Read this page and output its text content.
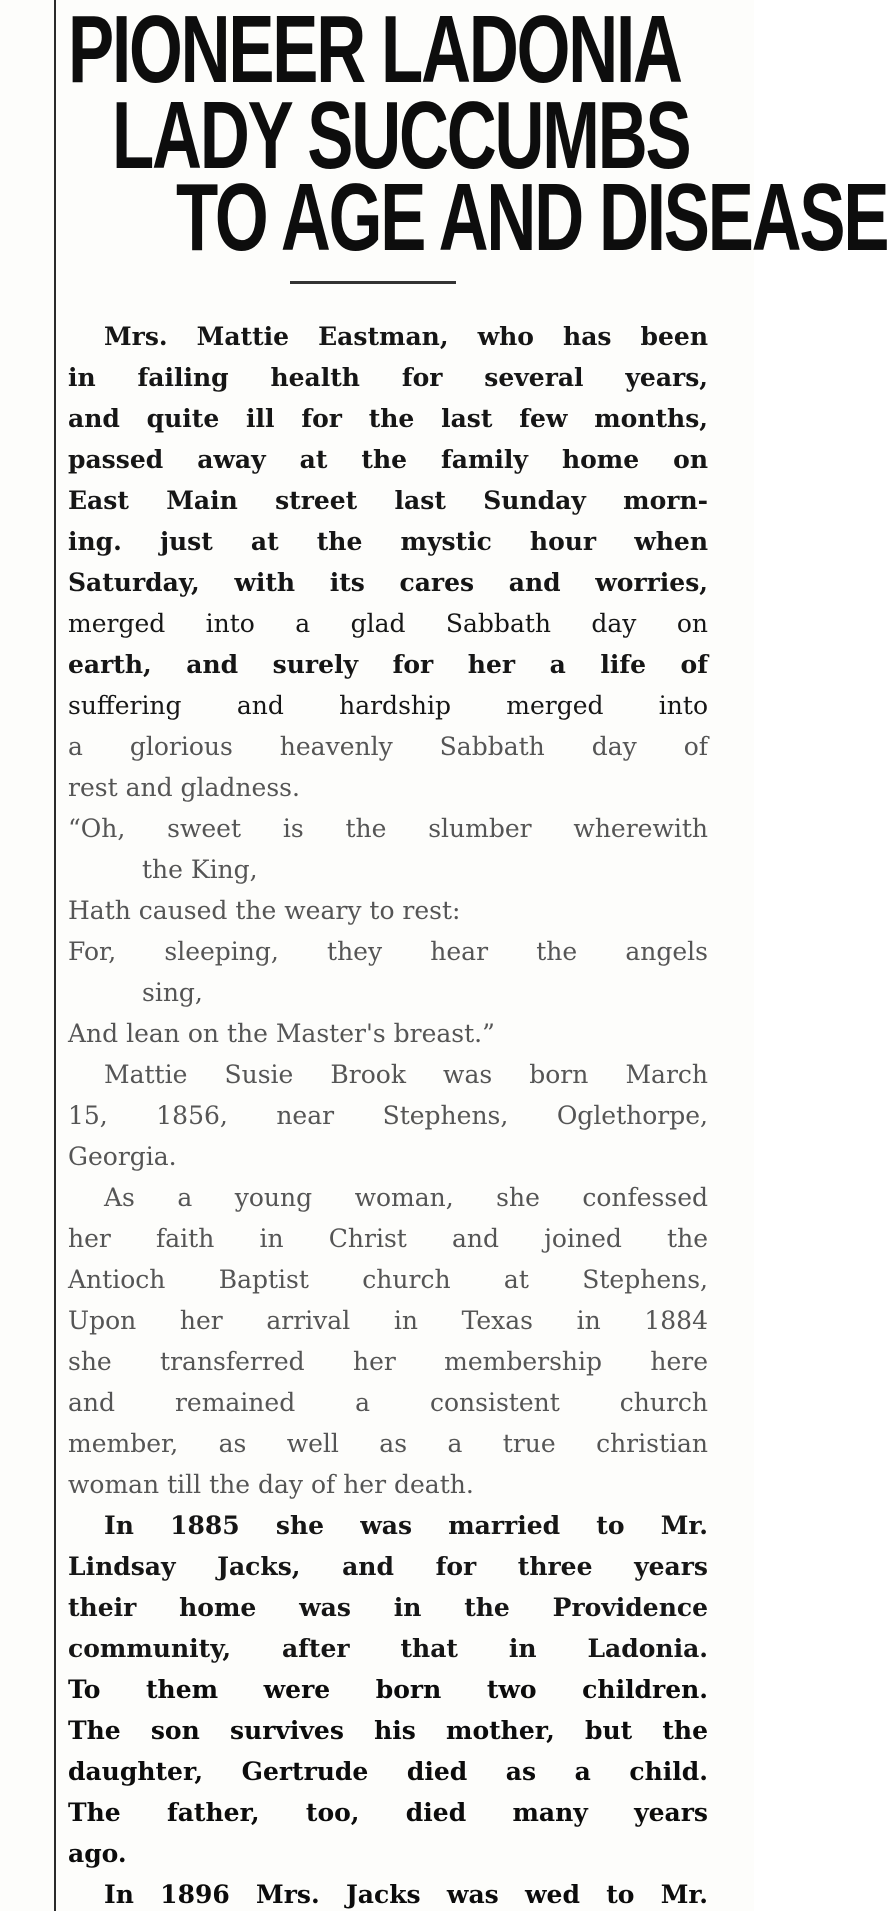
PIONEER LADONIA
LADY SUCCUMBS
TO AGE AND DISEASE
Mrs. Mattie Eastman, who has been
in failing health for several years,
and quite ill for the last few months,
passed away at the family home on
East Main street last Sunday morn-
ing. just at the mystic hour when
Saturday, with its cares and worries,
merged into a glad Sabbath day on
earth, and surely for her a life of
suffering and hardship merged into
a glorious heavenly Sabbath day of
rest and gladness.
“Oh, sweet is the slumber wherewith
the King,
Hath caused the weary to rest:
For, sleeping, they hear the angels
sing,
And lean on the Master's breast.”
Mattie Susie Brook was born March
15, 1856, near Stephens, Oglethorpe,
Georgia.
As a young woman, she confessed
her faith in Christ and joined the
Antioch Baptist church at Stephens,
Upon her arrival in Texas in 1884
she transferred her membership here
and remained a consistent church
member, as well as a true christian
woman till the day of her death.
In 1885 she was married to Mr.
Lindsay Jacks, and for three years
their home was in the Providence
community, after that in Ladonia.
To them were born two children.
The son survives his mother, but the
daughter, Gertrude died as a child.
The father, too, died many years
ago.
In 1896 Mrs. Jacks was wed to Mr.
